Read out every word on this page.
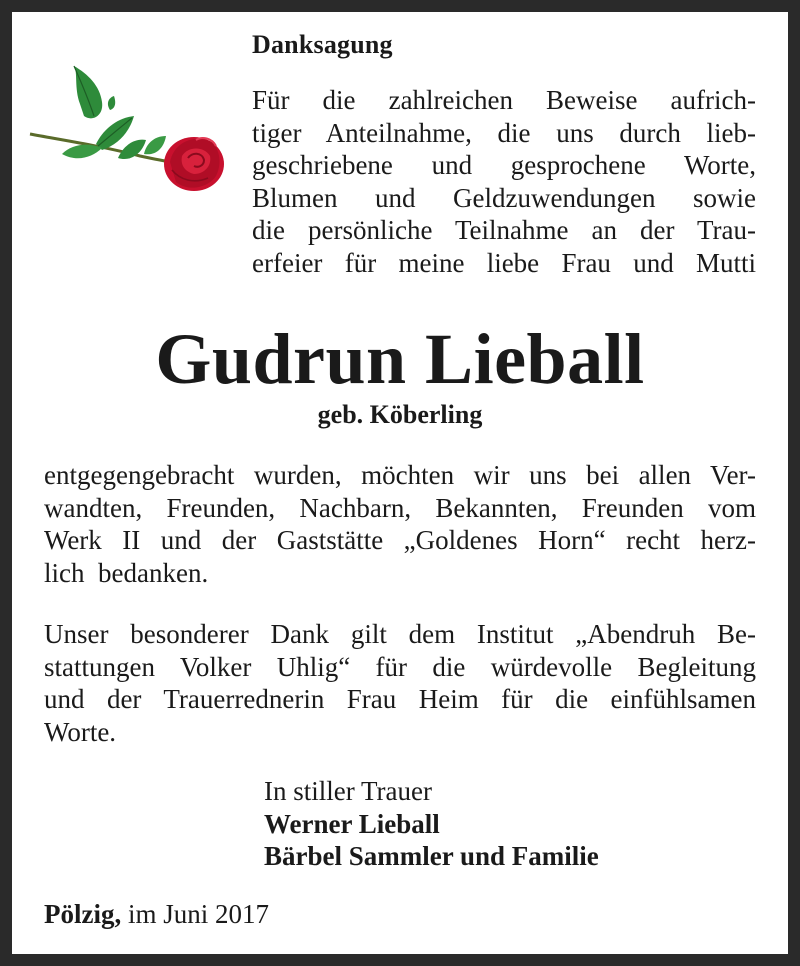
Danksagung
Für die zahlreichen Beweise aufrich-
tiger Anteilnahme, die uns durch lieb-
geschriebene und gesprochene Worte,
Blumen und Geldzuwendungen sowie
die persönliche Teilnahme an der Trau-
erfeier für meine liebe Frau und Mutti
Gudrun Lieball
geb. Köberling
entgegengebracht wurden, möchten wir uns bei allen Ver-
wandten, Freunden, Nachbarn, Bekannten, Freunden vom
Werk II und der Gaststätte „Goldenes Horn“ recht herz-
lich  bedanken.
Unser besonderer Dank gilt dem Institut „Abendruh Be-
stattungen Volker Uhlig“ für die würdevolle Begleitung
und der Trauerrednerin Frau Heim für die einfühlsamen
Worte.
In stiller Trauer
Werner Lieball
Bärbel Sammler und Familie
Pölzig, im Juni 2017
